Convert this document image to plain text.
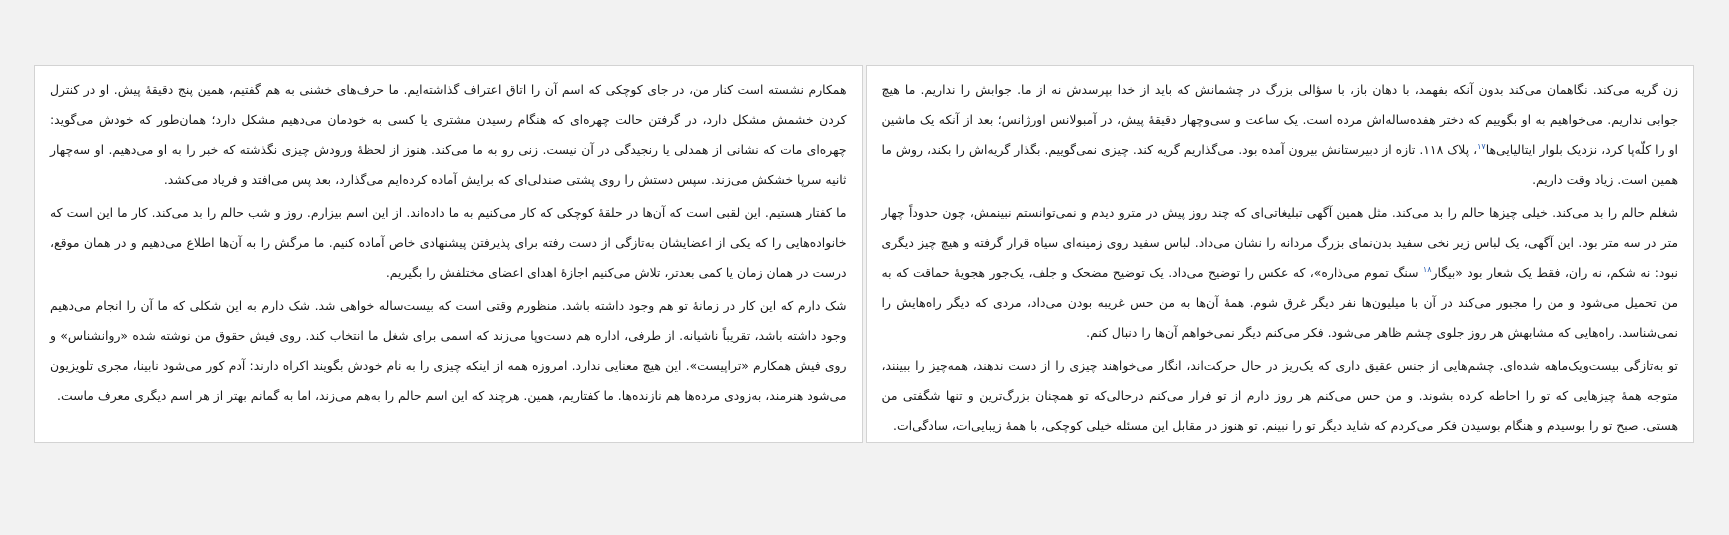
زن گریه می‌کند. نگاهمان می‌کند بدون آنکه بفهمد، با دهان باز، با سؤالی بزرگ در چشمانش که باید از خدا بپرسدش نه از ما. جوابش را نداریم. ما هیچ جوابی نداریم. می‌خواهیم به او بگوییم که دختر هفده‌ساله‌اش مرده است. یک ساعت و سی‌وچهار دقیقه‌ٔ پیش، در آمبولانس اورژانس؛ بعد از آنکه یک ماشین او را کلّه‌پا کرد، نزدیک بلوار ایتالیایی‌ها$^{۱۷}$، پلاک ۱۱۸. تازه از دبیرستانش بیرون آمده بود. می‌گذاریم گریه کند. چیزی نمی‌گوییم. بگذار گریه‌اش را بکند، روش ما همین است. زیاد وقت داریم.

شغلم حالم را بد می‌کند. خیلی چیزها حالم را بد می‌کند. مثل همین آگهی تبلیغاتی‌ای که چند روز پیش در مترو دیدم و نمی‌توانستم نبینمش، چون حدوداً چهار متر در سه متر بود. این آگهی، یک لباس زیر نخی سفید بدن‌نمای بزرگ مردانه را نشان می‌داد. لباس سفید روی زمینه‌ای سیاه قرار گرفته و هیچ چیز دیگری نبود: نه شکم، نه ران، فقط یک شعار بود «بیگار$^{۱۸}$ سنگ تموم می‌ذاره»، که عکس را توضیح می‌داد. یک توضیح مضحک و جلف، یک‌جور هجویهٔ حماقت که به من تحمیل می‌شود و من را مجبور می‌کند در آن با میلیون‌ها نفر دیگر غرق شوم. همهٔ آن‌ها به من حس غریبه بودن می‌داد، مردی که دیگر راه‌هایش را نمی‌شناسد. راه‌هایی که مشابهش هر روز جلوی چشم ظاهر می‌شود. فکر می‌کنم دیگر نمی‌خواهم آن‌ها را دنبال کنم.

تو به‌تازگی بیست‌ویک‌ماهه شده‌ای. چشم‌هایی از جنس عقیق داری که یک‌ریز در حال حرکت‌اند، انگار می‌خواهند چیزی را از دست ندهند، همه‌چیز را ببینند، متوجه همهٔ چیزهایی که تو را احاطه کرده بشوند. و من حس می‌کنم هر روز دارم از تو فرار می‌کنم درحالی‌که تو همچنان بزرگ‌ترین و تنها شگفتی من هستی. صبح تو را بوسیدم و هنگام بوسیدن فکر می‌کردم که شاید دیگر تو را نبینم. تو هنوز در مقابل این مسئله خیلی کوچکی، با همهٔ زیبایی‌ات، سادگی‌ات.

همکارم نشسته است کنار من، در جای کوچکی که اسم آن را اتاق اعتراف گذاشته‌ایم. ما حرف‌های خشنی به هم گفتیم، همین پنج دقیقه‌ٔ پیش. او در کنترل کردن خشمش مشکل دارد، در گرفتن حالت چهره‌ای که هنگام رسیدن مشتری یا کسی به خودمان می‌دهیم مشکل دارد؛ همان‌طور که خودش می‌گوید: چهره‌ای مات که نشانی از همدلی یا رنجیدگی در آن نیست. زنی رو به ما می‌کند. هنوز از لحظهٔ ورودش چیزی نگذشته که خبر را به او می‌دهیم. او سه‌چهار ثانیه سرپا خشکش می‌زند. سپس دستش را روی پشتی صندلی‌ای که برایش آماده کرده‌ایم می‌گذارد، بعد پس می‌افتد و فریاد می‌کشد.

ما کفتار هستیم. این لقبی است که آن‌ها در حلقهٔ کوچکی که کار می‌کنیم به ما داده‌اند. از این اسم بیزارم. روز و شب حالم را بد می‌کند. کار ما این است که خانواده‌هایی را که یکی از اعضایشان به‌تازگی از دست رفته برای پذیرفتن پیشنهادی خاص آماده کنیم. ما مرگش را به آن‌ها اطلاع می‌دهیم و در همان موقع، درست در همان زمان یا کمی بعدتر، تلاش می‌کنیم اجازهٔ اهدای اعضای مختلفش را بگیریم.

شک دارم که این کار در زمانهٔ تو هم وجود داشته باشد. منظورم وقتی است که بیست‌ساله خواهی شد. شک دارم به این شکلی که ما آن را انجام می‌دهیم وجود داشته باشد، تقریباً ناشیانه. از طرفی، اداره هم دست‌وپا می‌زند که اسمی برای شغل ما انتخاب کند. روی فیش حقوق من نوشته شده «روانشناس» و روی فیش همکارم «تراپیست». این هیچ معنایی ندارد. امروزه همه از اینکه چیزی را به نام خودش بگویند اکراه دارند: آدم کور می‌شود نابینا، مجری تلویزیون می‌شود هنرمند، به‌زودی مرده‌ها هم نازنده‌ها. ما کفتاریم، همین. هرچند که این اسم حالم را به‌هم می‌زند، اما به گمانم بهتر از هر اسم دیگری معرف ماست.
